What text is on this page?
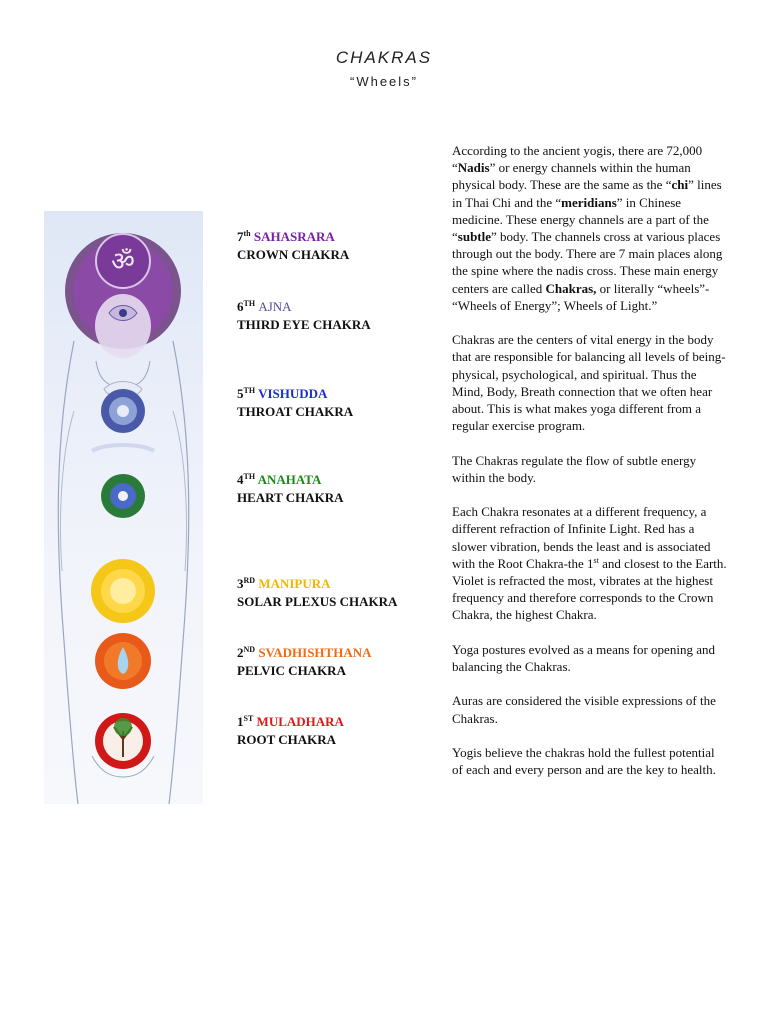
CHAKRAS
“Wheels”
ॐ
7th SAHASRARA
CROWN CHAKRA
6TH AJNA
THIRD EYE CHAKRA
5TH VISHUDDA
THROAT CHAKRA
4TH ANAHATA
HEART CHAKRA
3RD MANIPURA
SOLAR PLEXUS CHAKRA
2ND SVADHISHTHANA
PELVIC CHAKRA
1ST MULADHARA
ROOT CHAKRA

According to the ancient yogis, there are 72,000 “Nadis” or energy channels within the human physical body. These are the same as the “chi” lines in Thai Chi and the “meridians” in Chinese medicine. These energy channels are a part of the “subtle” body. The channels cross at various places through out the body. There are 7 main places along the spine where the nadis cross. These main energy centers are called Chakras, or literally “wheels”- “Wheels of Energy”; Wheels of Light.”

Chakras are the centers of vital energy in the body that are responsible for balancing all levels of being-physical, psychological, and spiritual. Thus the Mind, Body, Breath connection that we often hear about. This is what makes yoga different from a regular exercise program.

The Chakras regulate the flow of subtle energy within the body.

Each Chakra resonates at a different frequency, a different refraction of Infinite Light. Red has a slower vibration, bends the least and is associated with the Root Chakra-the 1st and closest to the Earth. Violet is refracted the most, vibrates at the highest frequency and therefore corresponds to the Crown Chakra, the highest Chakra.

Yoga postures evolved as a means for opening and balancing the Chakras.

Auras are considered the visible expressions of the Chakras.

Yogis believe the chakras hold the fullest potential of each and every person and are the key to health.
